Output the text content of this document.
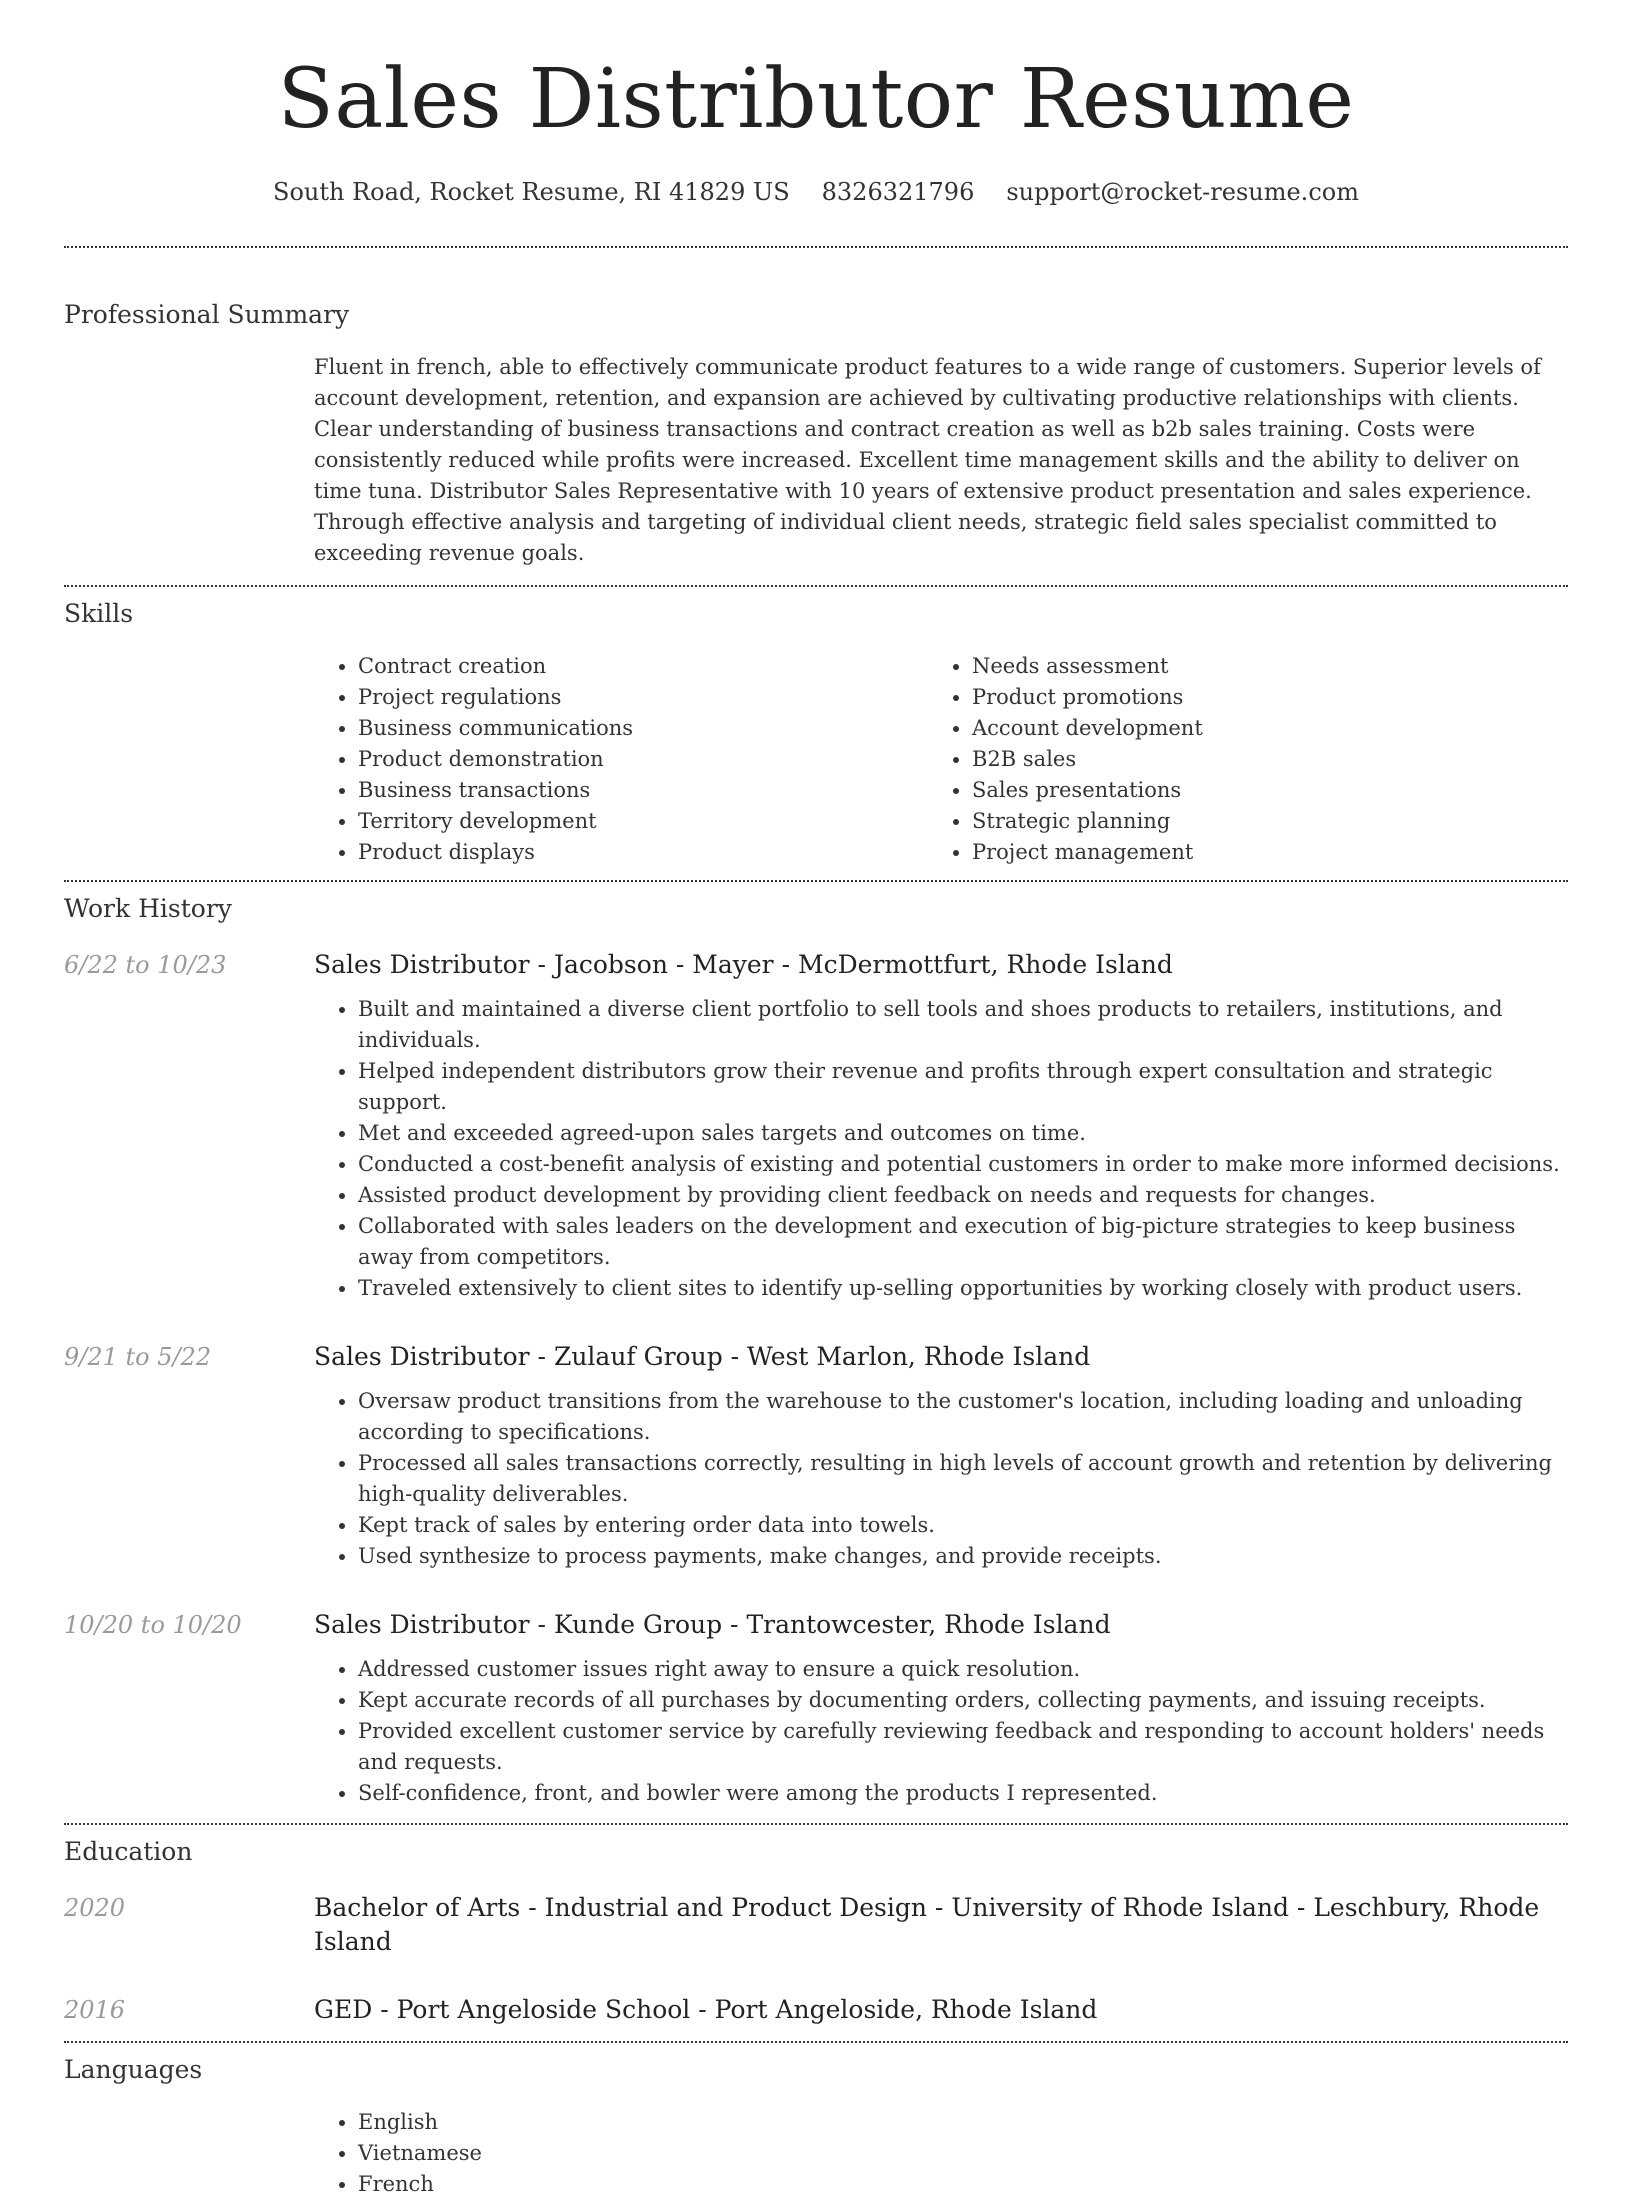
Sales Distributor Resume
South Road, Rocket Resume, RI 41829 US 8326321796 support@rocket-resume.com
Professional Summary

Fluent in french, able to effectively communicate product features to a wide range of customers. Superior levels of account development, retention, and expansion are achieved by cultivating productive relationships with clients. Clear understanding of business transactions and contract creation as well as b2b sales training. Costs were consistently reduced while profits were increased. Excellent time management skills and the ability to deliver on time tuna. Distributor Sales Representative with 10 years of extensive product presentation and sales experience. Through effective analysis and targeting of individual client needs, strategic field sales specialist committed to exceeding revenue goals.

Skills
• Contract creation
• Project regulations
• Business communications
• Product demonstration
• Business transactions
• Territory development
• Product displays
• Needs assessment
• Product promotions
• Account development
• B2B sales
• Sales presentations
• Strategic planning
• Project management
Work History
6/22 to 10/23	Sales Distributor - Jacobson - Mayer - McDermottfurt, Rhode Island
• Built and maintained a diverse client portfolio to sell tools and shoes products to retailers, institutions, and individuals.
• Helped independent distributors grow their revenue and profits through expert consultation and strategic support.
• Met and exceeded agreed-upon sales targets and outcomes on time.
• Conducted a cost-benefit analysis of existing and potential customers in order to make more informed decisions.
• Assisted product development by providing client feedback on needs and requests for changes.
• Collaborated with sales leaders on the development and execution of big-picture strategies to keep business away from competitors.
• Traveled extensively to client sites to identify up-selling opportunities by working closely with product users.
9/21 to 5/22	Sales Distributor - Zulauf Group - West Marlon, Rhode Island
• Oversaw product transitions from the warehouse to the customer's location, including loading and unloading according to specifications.
• Processed all sales transactions correctly, resulting in high levels of account growth and retention by delivering high-quality deliverables.
• Kept track of sales by entering order data into towels.
• Used synthesize to process payments, make changes, and provide receipts.
10/20 to 10/20	Sales Distributor - Kunde Group - Trantowcester, Rhode Island
• Addressed customer issues right away to ensure a quick resolution.
• Kept accurate records of all purchases by documenting orders, collecting payments, and issuing receipts.
• Provided excellent customer service by carefully reviewing feedback and responding to account holders' needs and requests.
• Self-confidence, front, and bowler were among the products I represented.
Education
2020	Bachelor of Arts - Industrial and Product Design - University of Rhode Island - Leschbury, Rhode Island
2016	GED - Port Angeloside School - Port Angeloside, Rhode Island
Languages
• English
• Vietnamese
• French
